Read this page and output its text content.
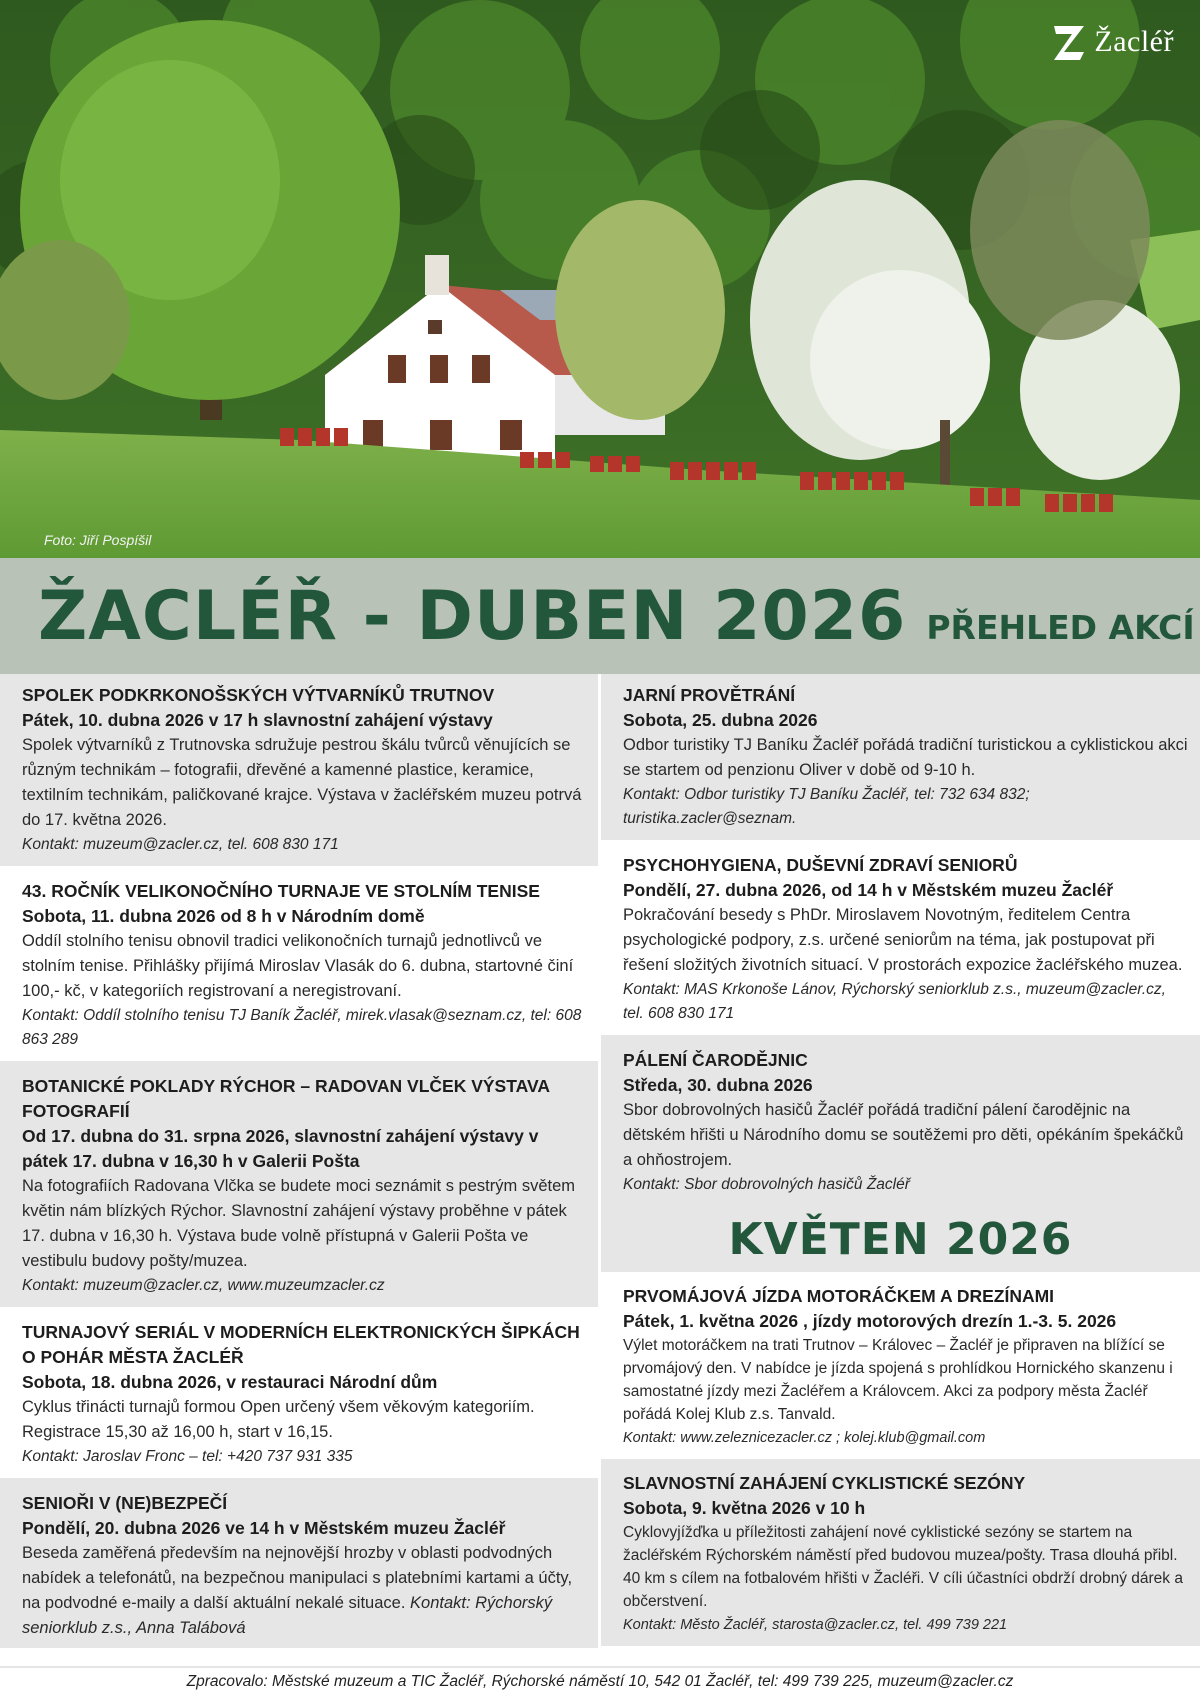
Foto: Jiří Pospíšil
Žacléř
ŽACLÉŘ - DUBEN 2026 PŘEHLED AKCÍ
SPOLEK PODKRKONOŠSKÝCH VÝTVARNÍKŮ TRUTNOV
Pátek, 10. dubna 2026 v 17 h slavnostní zahájení výstavy
Spolek výtvarníků z Trutnovska sdružuje pestrou škálu tvůrců věnujících se různým technikám – fotografii, dřevěné a kamenné plastice, keramice, textilním technikám, paličkované krajce. Výstava v žacléřském muzeu potrvá do 17. května 2026.
Kontakt: muzeum@zacler.cz, tel. 608 830 171
43. ROČNÍK VELIKONOČNÍHO TURNAJE VE STOLNÍM TENISE
Sobota, 11. dubna 2026 od 8 h v Národním domě
Oddíl stolního tenisu obnovil tradici velikonočních turnajů jednotlivců ve stolním tenise. Přihlášky přijímá Miroslav Vlasák do 6. dubna, startovné činí 100,- kč, v kategoriích registrovaní a neregistrovaní.
Kontakt: Oddíl stolního tenisu TJ Baník Žacléř, mirek.vlasak@seznam.cz, tel: 608 863 289
BOTANICKÉ POKLADY RÝCHOR – RADOVAN VLČEK VÝSTAVA FOTOGRAFIÍ
Od 17. dubna do 31. srpna 2026, slavnostní zahájení výstavy v pátek 17. dubna v 16,30 h v Galerii Pošta
Na fotografiích Radovana Vlčka se budete moci seznámit s pestrým světem květin nám blízkých Rýchor. Slavnostní zahájení výstavy proběhne v pátek 17. dubna v 16,30 h. Výstava bude volně přístupná v Galerii Pošta ve vestibulu budovy pošty/muzea.
Kontakt: muzeum@zacler.cz, www.muzeumzacler.cz
TURNAJOVÝ SERIÁL V MODERNÍCH ELEKTRONICKÝCH ŠIPKÁCH O POHÁR MĚSTA ŽACLÉŘ
Sobota, 18. dubna 2026, v restauraci Národní dům
Cyklus třinácti turnajů formou Open určený všem věkovým kategoriím. Registrace 15,30 až 16,00 h, start v 16,15.
Kontakt: Jaroslav Fronc – tel: +420 737 931 335
SENIOŘI V (NE)BEZPEČÍ
Pondělí, 20. dubna 2026 ve 14 h v Městském muzeu Žacléř
Beseda zaměřená především na nejnovější hrozby v oblasti podvodných nabídek a telefonátů, na bezpečnou manipulaci s platebními kartami a účty, na podvodné e-maily a další aktuální nekalé situace. Kontakt: Rýchorský seniorklub z.s., Anna Talábová
JARNÍ PROVĚTRÁNÍ
Sobota, 25. dubna 2026
Odbor turistiky TJ Baníku Žacléř pořádá tradiční turistickou a cyklistickou akci se startem od penzionu Oliver v době od 9-10 h.
Kontakt: Odbor turistiky TJ Baníku Žacléř, tel: 732 634 832; turistika.zacler@seznam.
PSYCHOHYGIENA, DUŠEVNÍ ZDRAVÍ SENIORŮ
Pondělí, 27. dubna 2026, od 14 h v Městském muzeu Žacléř
Pokračování besedy s PhDr. Miroslavem Novotným, ředitelem Centra psychologické podpory, z.s. určené seniorům na téma, jak postupovat při řešení složitých životních situací. V prostorách expozice žacléřského muzea.
Kontakt: MAS Krkonoše Lánov, Rýchorský seniorklub z.s., muzeum@zacler.cz, tel. 608 830 171
PÁLENÍ ČARODĚJNIC
Středa, 30. dubna 2026
Sbor dobrovolných hasičů Žacléř pořádá tradiční pálení čarodějnic na dětském hřišti u Národního domu se soutěžemi pro děti, opékáním špekáčků a ohňostrojem.
Kontakt: Sbor dobrovolných hasičů Žacléř
KVĚTEN 2026
PRVOMÁJOVÁ JÍZDA MOTORÁČKEM A DREZÍNAMI
Pátek, 1. května 2026 , jízdy motorových drezín 1.-3. 5. 2026
Výlet motoráčkem na trati Trutnov – Královec – Žacléř je připraven na blížící se prvomájový den. V nabídce je jízda spojená s prohlídkou Hornického skanzenu i samostatné jízdy mezi Žacléřem a Královcem. Akci za podpory města Žacléř pořádá Kolej Klub z.s. Tanvald.
Kontakt: www.zeleznicezacler.cz ; kolej.klub@gmail.com
SLAVNOSTNÍ ZAHÁJENÍ CYKLISTICKÉ SEZÓNY
Sobota, 9. května 2026 v 10 h
Cyklovyjížďka u příležitosti zahájení nové cyklistické sezóny se startem na žacléřském Rýchorském náměstí před budovou muzea/pošty. Trasa dlouhá přibl. 40 km s cílem na fotbalovém hřišti v Žacléři. V cíli účastníci obdrží drobný dárek a občerstvení.
Kontakt: Město Žacléř, starosta@zacler.cz, tel. 499 739 221
Zpracovalo: Městské muzeum a TIC Žacléř, Rýchorské náměstí 10, 542 01 Žacléř, tel: 499 739 225, muzeum@zacler.cz
